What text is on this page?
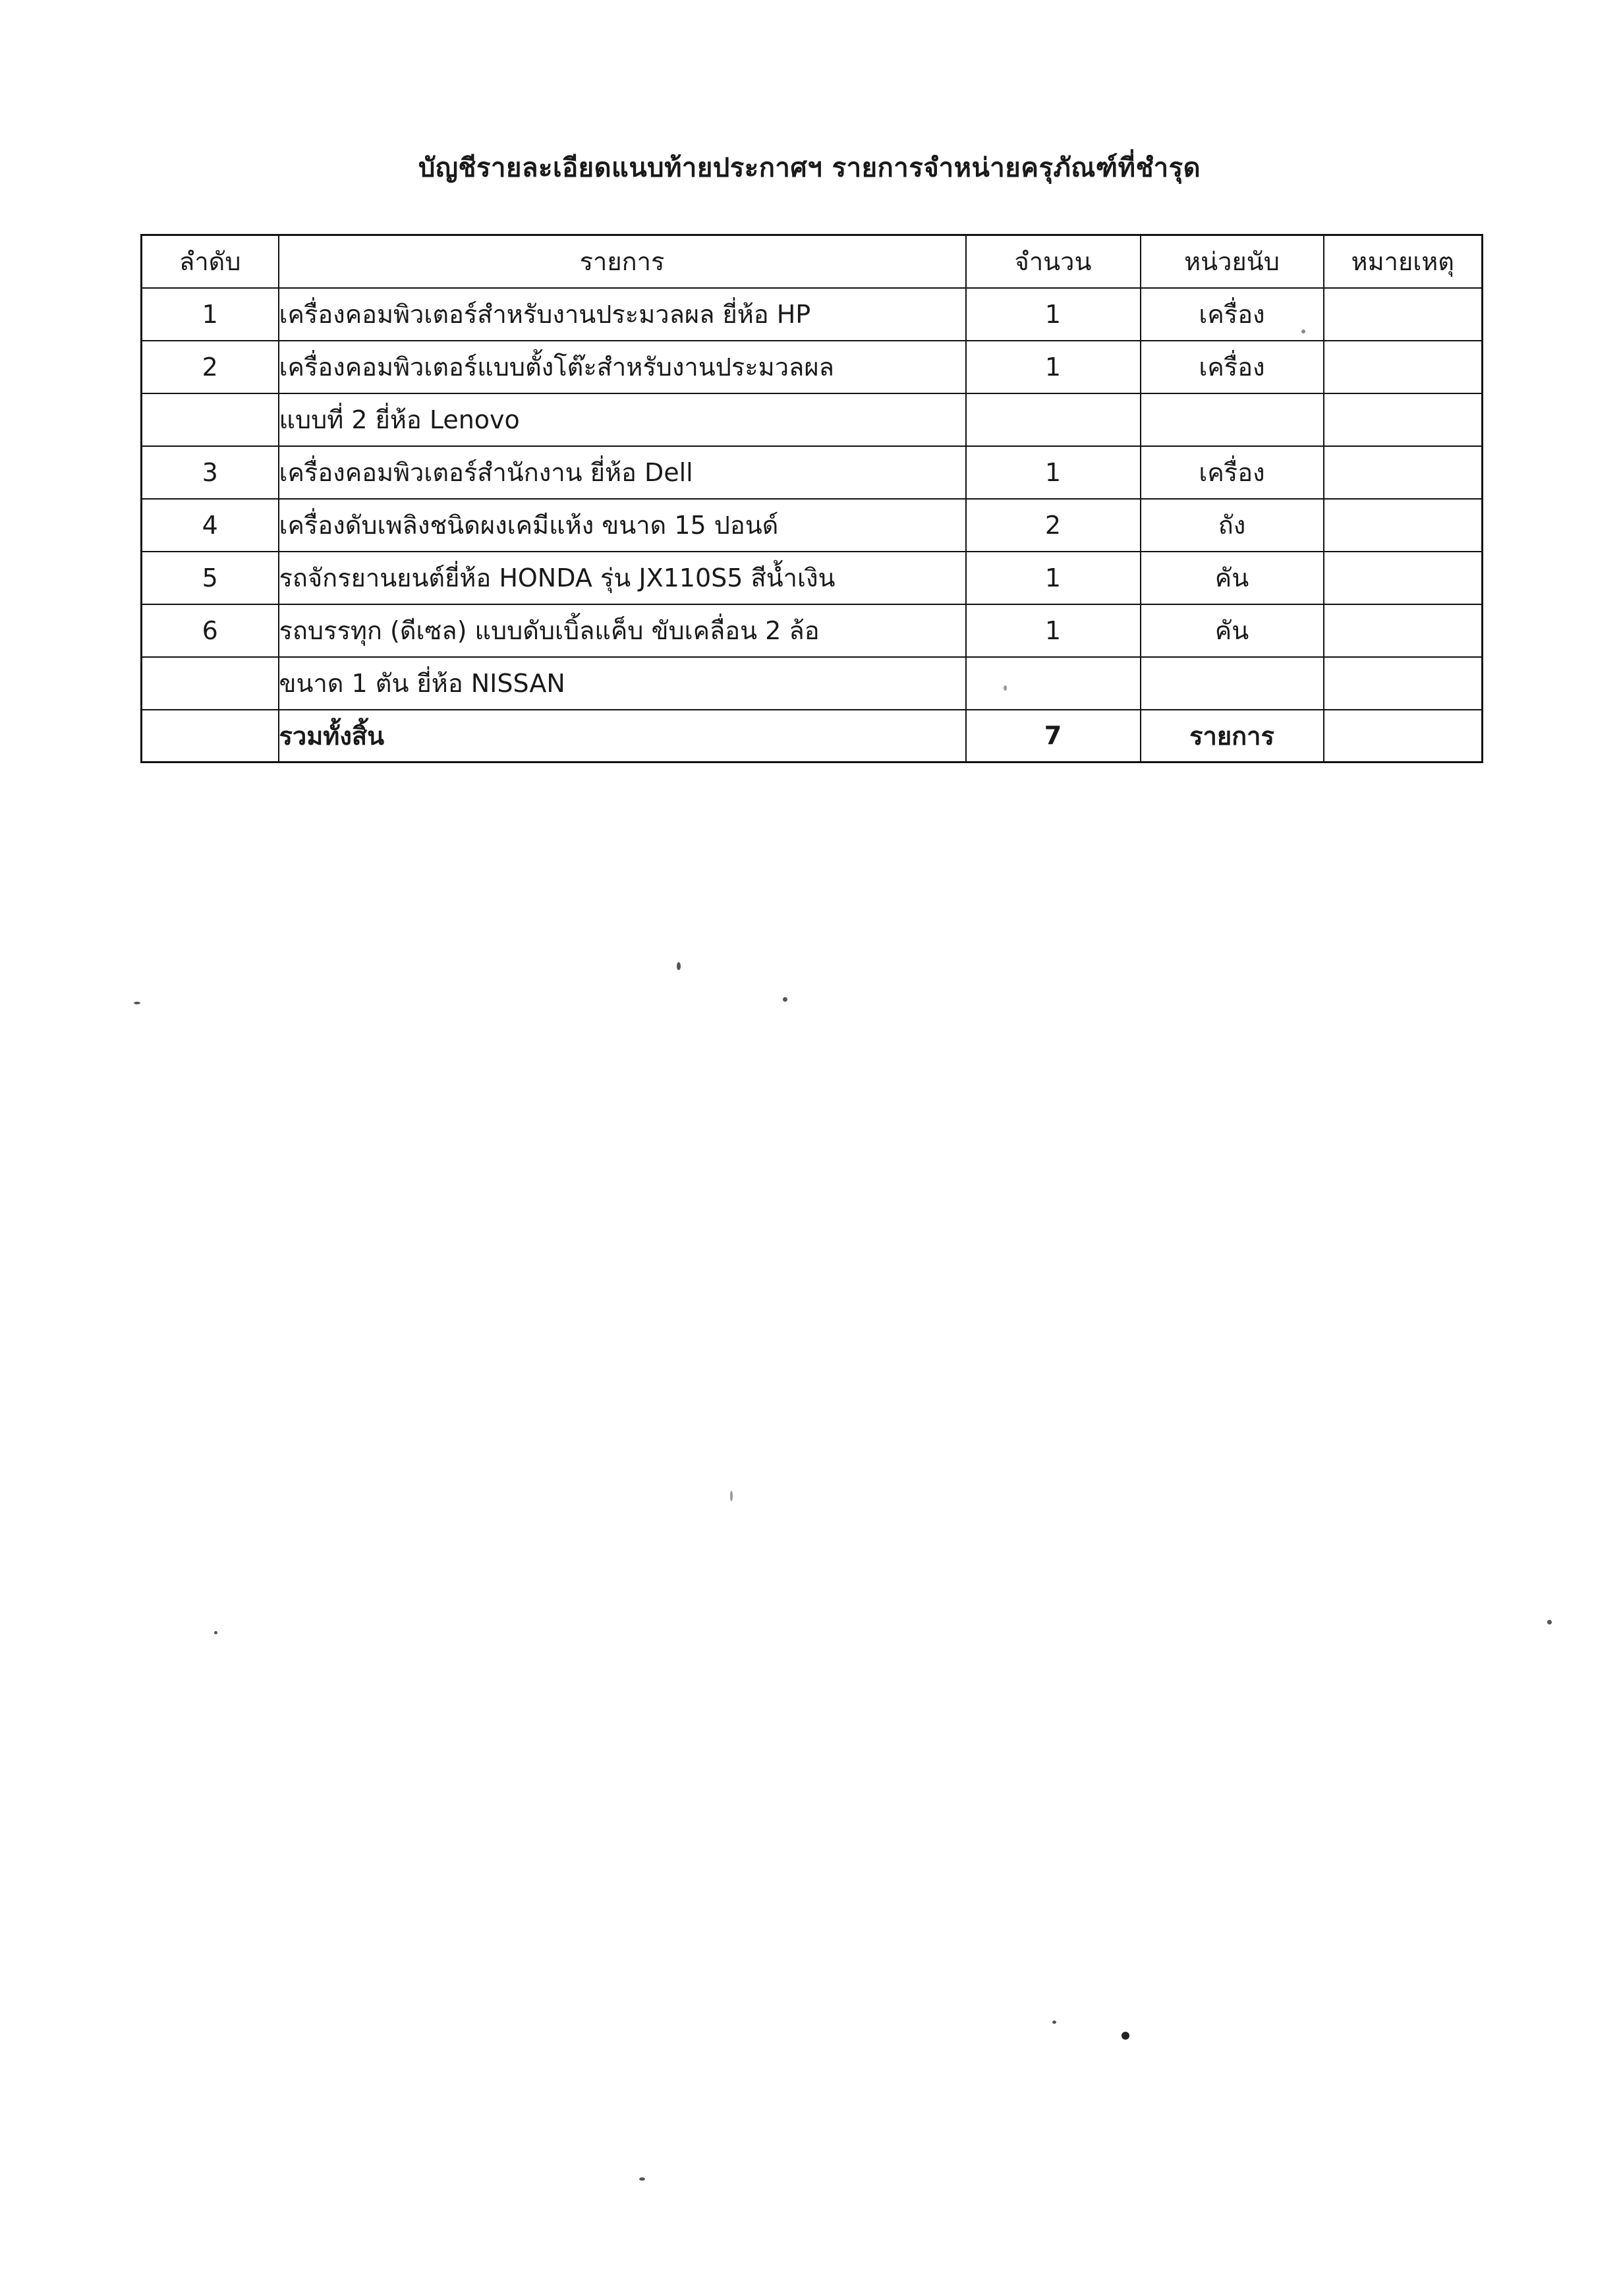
บัญชีรายละเอียดแนบท้ายประกาศฯ รายการจำหน่ายครุภัณฑ์ที่ชำรุด
ลำดับ	รายการ	จำนวน	หน่วยนับ	หมายเหตุ
1	เครื่องคอมพิวเตอร์สำหรับงานประมวลผล ยี่ห้อ HP	1	เครื่อง	
2	เครื่องคอมพิวเตอร์แบบตั้งโต๊ะสำหรับงานประมวลผล	1	เครื่อง	
	แบบที่ 2 ยี่ห้อ Lenovo			
3	เครื่องคอมพิวเตอร์สำนักงาน ยี่ห้อ Dell	1	เครื่อง	
4	เครื่องดับเพลิงชนิดผงเคมีแห้ง ขนาด 15 ปอนด์	2	ถัง	
5	รถจักรยานยนต์ยี่ห้อ HONDA รุ่น JX110S5 สีน้ำเงิน	1	คัน	
6	รถบรรทุก (ดีเซล) แบบดับเบิ้ลแค็บ ขับเคลื่อน 2 ล้อ	1	คัน	
	ขนาด 1 ตัน ยี่ห้อ NISSAN			
	รวมทั้งสิ้น	7	รายการ	
